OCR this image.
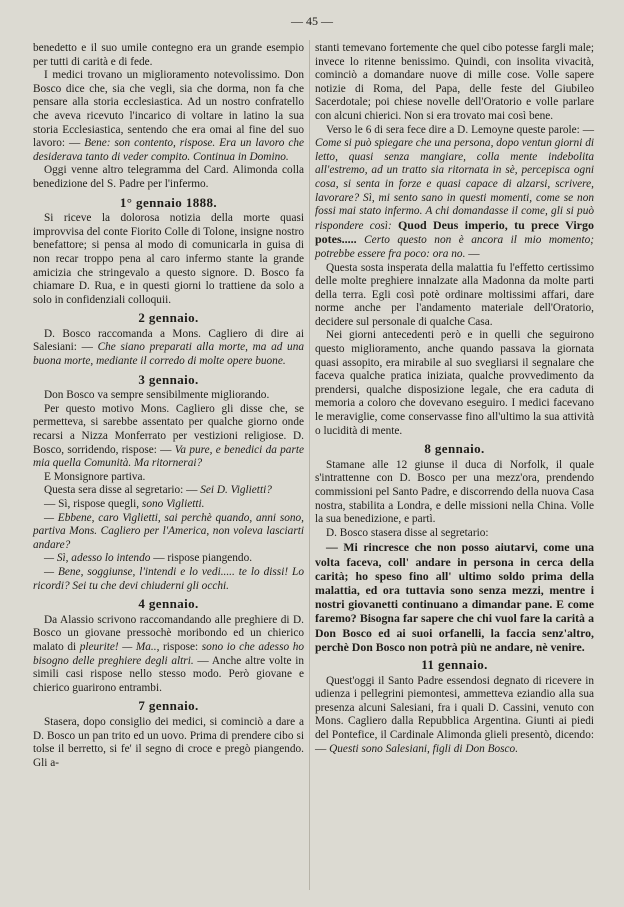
— 45 —

benedetto e il suo umile contegno era un grande esempio per tutti di carità e di fede.

I medici trovano un miglioramento notevolissimo. Don Bosco dice che, sia che vegli, sia che dorma, non fa che pensare alla storia ecclesiastica. Ad un nostro confratello che aveva ricevuto l'incarico di voltare in latino la sua storia Ecclesiastica, sentendo che era omai al fine del suo lavoro: — Bene: son contento, rispose. Era un lavoro che desiderava tanto di veder compito. Continua in Domino.

Oggi venne altro telegramma del Card. Alimonda colla benedizione del S. Padre per l'infermo.

1° gennaio 1888.

Si riceve la dolorosa notizia della morte quasi improvvisa del conte Fiorito Colle di Tolone, insigne nostro benefattore; si pensa al modo di comunicarla in guisa di non recar troppo pena al caro infermo stante la grande amicizia che stringevalo a questo signore. D. Bosco fa chiamare D. Rua, e in questi giorni lo trattiene da solo a solo in confidenziali colloquii.

2 gennaio.

D. Bosco raccomanda a Mons. Cagliero di dire ai Salesiani: — Che siano preparati alla morte, ma ad una buona morte, mediante il corredo di molte opere buone.

3 gennaio.

Don Bosco va sempre sensibilmente migliorando.

Per questo motivo Mons. Cagliero gli disse che, se permetteva, si sarebbe assentato per qualche giorno onde recarsi a Nizza Monferrato per vestizioni religiose. D. Bosco, sorridendo, rispose: — Va pure, e benedici da parte mia quella Comunità. Ma ritornerai?

E Monsignore partiva.

Questa sera disse al segretario: — Sei D. Viglietti?

— Sì, rispose quegli, sono Viglietti.

— Ebbene, caro Viglietti, sai perchè quando, anni sono, partiva Mons. Cagliero per l'America, non voleva lasciarti andare?

— Sì, adesso lo intendo — rispose piangendo.

— Bene, soggiunse, l'intendi e lo vedi..... te lo dissi! Lo ricordi? Sei tu che devi chiuderni gli occhi.

4 gennaio.

Da Alassio scrivono raccomandando alle preghiere di D. Bosco un giovane pressochè moribondo ed un chierico malato di pleurite! — Ma.., rispose: sono io che adesso ho bisogno delle preghiere degli altri. — Anche altre volte in simili casi rispose nello stesso modo. Però giovane e chierico guarirono entrambi.

7 gennaio.

Stasera, dopo consiglio dei medici, si cominciò a dare a D. Bosco un pan trito ed un uovo. Prima di prendere cibo si tolse il berretto, si fe' il segno di croce e pregò piangendo. Gli a-

stanti temevano fortemente che quel cibo potesse fargli male; invece lo ritenne benissimo. Quindi, con insolita vivacità, cominciò a domandare nuove di mille cose. Volle sapere notizie di Roma, del Papa, delle feste del Giubileo Sacerdotale; poi chiese novelle dell'Oratorio e volle parlare con alcuni chierici. Non si era trovato mai così bene.

Verso le 6 di sera fece dire a D. Lemoyne queste parole: — Come si può spiegare che una persona, dopo ventun giorni di letto, quasi senza mangiare, colla mente indebolita all'estremo, ad un tratto sia ritornata in sè, percepisca ogni cosa, si senta in forze e quasi capace di alzarsi, scrivere, lavorare? Sì, mi sento sano in questi momenti, come se non fossi mai stato infermo. A chi domandasse il come, gli si può rispondere così: Quod Deus imperio, tu prece Virgo potes..... Certo questo non è ancora il mio momento; potrebbe essere fra poco: ora no. —

Questa sosta insperata della malattia fu l'effetto certissimo delle molte preghiere innalzate alla Madonna da molte parti della terra. Egli così potè ordinare moltissimi affari, dare norme anche per l'andamento materiale dell'Oratorio, decidere sul personale di qualche Casa.

Nei giorni antecedenti però e in quelli che seguirono questo miglioramento, anche quando passava la giornata quasi assopito, era mirabile al suo svegliarsi il segnalare che faceva qualche pratica iniziata, qualche provvedimento da prendersi, qualche disposizione legale, che era caduta di memoria a coloro che dovevano eseguiro. I medici facevano le meraviglie, come conservasse fino all'ultimo la sua attività o lucidità di mente.

8 gennaio.

Stamane alle 12 giunse il duca di Norfolk, il quale s'intrattenne con D. Bosco per una mezz'ora, prendendo commissioni pel Santo Padre, e discorrendo della nuova Casa nostra, stabilita a Londra, e delle missioni nella China. Volle la sua benedizione, e partì.

D. Bosco stasera disse al segretario:

— Mi rincresce che non posso aiutarvi, come una volta faceva, coll' andare in persona in cerca della carità; ho speso fino all' ultimo soldo prima della malattia, ed ora tuttavia sono senza mezzi, mentre i nostri giovanetti continuano a dimandar pane. E come faremo? Bisogna far sapere che chi vuol fare la carità a Don Bosco ed ai suoi orfanelli, la faccia senz'altro, perchè Don Bosco non potrà più ne andare, nè venire.

11 gennaio.

Quest'oggi il Santo Padre essendosi degnato di ricevere in udienza i pellegrini piemontesi, ammetteva eziandio alla sua presenza alcuni Salesiani, fra i quali D. Cassini, venuto con Mons. Cagliero dalla Repubblica Argentina. Giunti ai piedi del Pontefice, il Cardinale Alimonda glieli presentò, dicendo: — Questi sono Salesiani, figli di Don Bosco.
